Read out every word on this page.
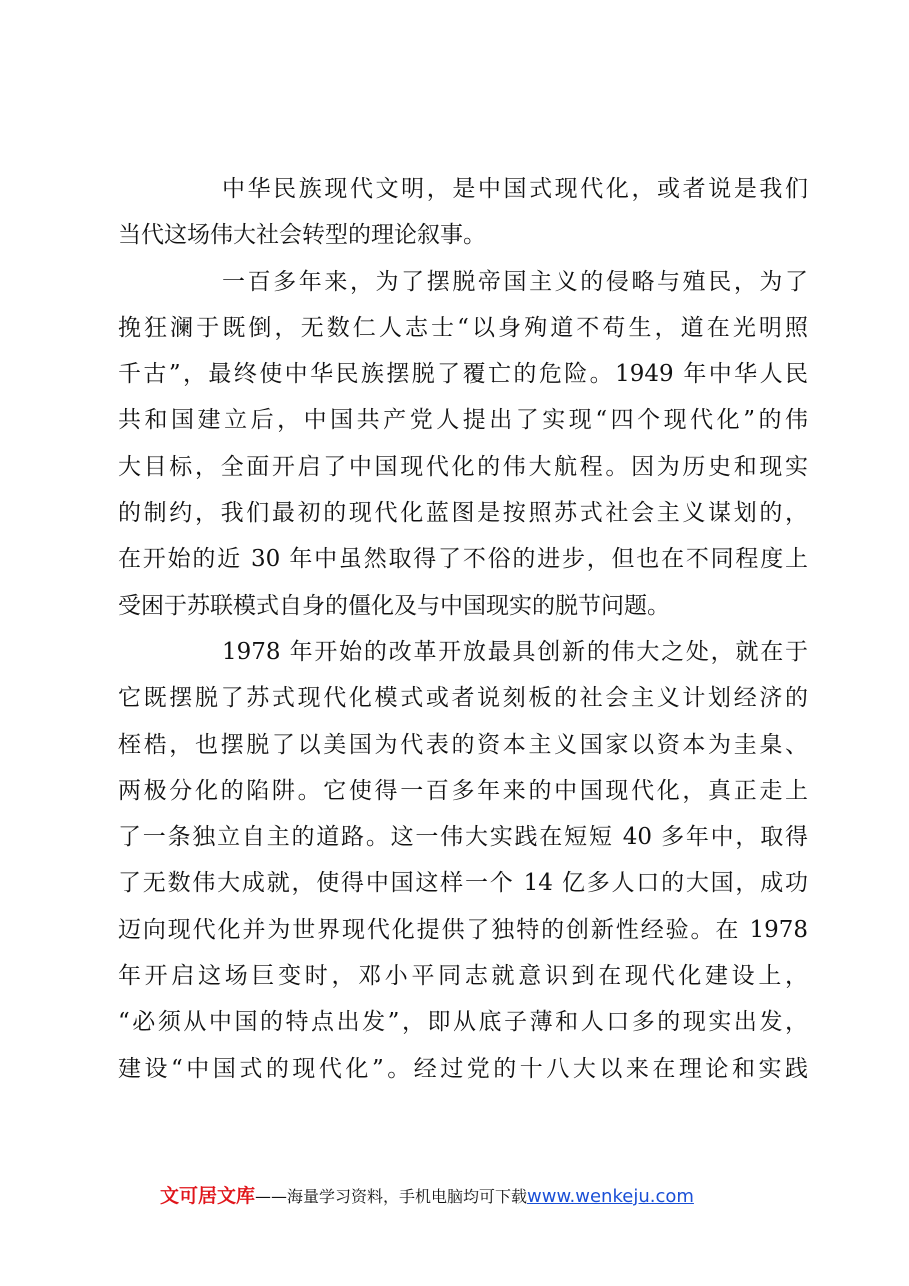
中华民族现代文明，是中国式现代化，或者说是我们
当代这场伟大社会转型的理论叙事。
一百多年来，为了摆脱帝国主义的侵略与殖民，为了
挽狂澜于既倒，无数仁人志士“以身殉道不苟生，道在光明照
千古”，最终使中华民族摆脱了覆亡的危险。1949 年中华人民
共和国建立后，中国共产党人提出了实现“四个现代化”的伟
大目标，全面开启了中国现代化的伟大航程。因为历史和现实
的制约，我们最初的现代化蓝图是按照苏式社会主义谋划的，
在开始的近 30 年中虽然取得了不俗的进步，但也在不同程度上
受困于苏联模式自身的僵化及与中国现实的脱节问题。
1978 年开始的改革开放最具创新的伟大之处，就在于
它既摆脱了苏式现代化模式或者说刻板的社会主义计划经济的
桎梏，也摆脱了以美国为代表的资本主义国家以资本为圭臬、
两极分化的陷阱。它使得一百多年来的中国现代化，真正走上
了一条独立自主的道路。这一伟大实践在短短 40 多年中，取得
了无数伟大成就，使得中国这样一个 14 亿多人口的大国，成功
迈向现代化并为世界现代化提供了独特的创新性经验。在 1978
年开启这场巨变时，邓小平同志就意识到在现代化建设上，
“必须从中国的特点出发”，即从底子薄和人口多的现实出发，
建设“中国式的现代化”。经过党的十八大以来在理论和实践
文可居文库——海量学习资料，手机电脑均可下载www.wenkeju.com
